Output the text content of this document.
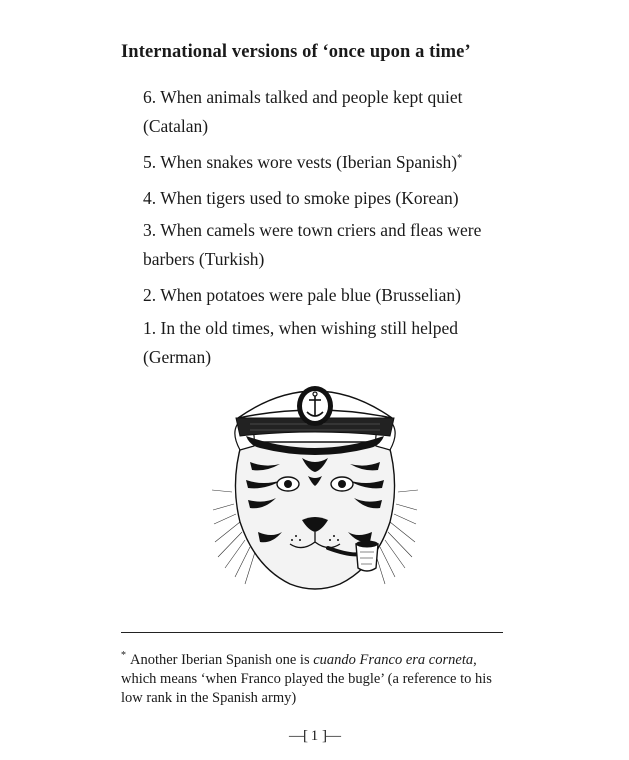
International versions of ‘once upon a time’
6. When animals talked and people kept quiet (Catalan)
5. When snakes wore vests (Iberian Spanish)*
4. When tigers used to smoke pipes (Korean)
3. When camels were town criers and fleas were barbers (Turkish)
2. When potatoes were pale blue (Brusselian)
1. In the old times, when wishing still helped (German)

* Another Iberian Spanish one is cuando Franco era corneta, which means ‘when Franco played the bugle’ (a reference to his low rank in the Spanish army)

—[ 1 ]—
